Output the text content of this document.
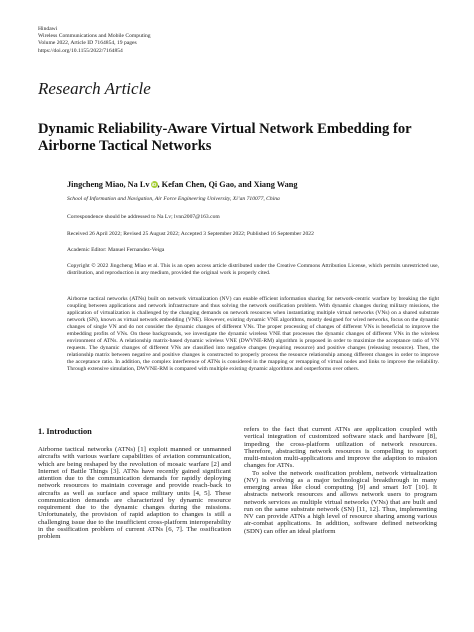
Hindawi
Wireless Communications and Mobile Computing
Volume 2022, Article ID 7164854, 19 pages
https://doi.org/10.1155/2022/7164854
Research Article
Dynamic Reliability-Aware Virtual Network Embedding for Airborne Tactical Networks
Jingcheng Miao, Na Lv iD, Kefan Chen, Qi Gao, and Xiang Wang
School of Information and Navigation, Air Force Engineering University, Xi’an 710077, China
Correspondence should be addressed to Na Lv; lvnn2007@163.com
Received 26 April 2022; Revised 25 August 2022; Accepted 3 September 2022; Published 16 September 2022
Academic Editor: Manuel Fernandez-Veiga
Copyright © 2022 Jingcheng Miao et al. This is an open access article distributed under the Creative Commons Attribution License, which permits unrestricted use, distribution, and reproduction in any medium, provided the original work is properly cited.
Airborne tactical networks (ATNs) built on network virtualization (NV) can enable efficient information sharing for network-centric warfare by breaking the tight coupling between applications and network infrastructure and thus solving the network ossification problem. With dynamic changes during military missions, the application of virtualization is challenged by the changing demands on network resources when instantiating multiple virtual networks (VNs) on a shared substrate network (SN), known as virtual network embedding (VNE). However, existing dynamic VNE algorithms, mostly designed for wired networks, focus on the dynamic changes of single VN and do not consider the dynamic changes of different VNs. The proper processing of changes of different VNs is beneficial to improve the embedding profits of VNs. On these backgrounds, we investigate the dynamic wireless VNE that processes the dynamic changes of different VNs in the wireless environment of ATNs. A relationship matrix-based dynamic wireless VNE (DWVNE-RM) algorithm is proposed in order to maximize the acceptance ratio of VN requests. The dynamic changes of different VNs are classified into negative changes (requiring resource) and positive changes (releasing resource). Then, the relationship matrix between negative and positive changes is constructed to properly process the resource relationship among different changes in order to improve the acceptance ratio. In addition, the complex interference of ATNs is considered in the mapping or remapping of virtual nodes and links to improve the reliability. Through extensive simulation, DWVNE-RM is compared with multiple existing dynamic algorithms and outperforms over others.
1. Introduction

Airborne tactical networks (ATNs) [1] exploit manned or unmanned aircrafts with various warfare capabilities of aviation communication, which are being reshaped by the revolution of mosaic warfare [2] and Internet of Battle Things [3]. ATNs have recently gained significant attention due to the communication demands for rapidly deploying network resources to maintain coverage and provide reach-back to aircrafts as well as surface and space military units [4, 5]. These communication demands are characterized by dynamic resource requirement due to the dynamic changes during the missions. Unfortunately, the provision of rapid adaption to changes is still a challenging issue due to the insufficient cross-platform interoperability in the ossification problem of current ATNs [6, 7]. The ossification problem

refers to the fact that current ATNs are application coupled with vertical integration of customized software stack and hardware [8], impeding the cross-platform utilization of network resources. Therefore, abstracting network resources is compelling to support multi-mission multi-applications and improve the adaption to mission changes for ATNs.

To solve the network ossification problem, network virtualization (NV) is evolving as a major technological breakthrough in many emerging areas like cloud computing [9] and smart IoT [10]. It abstracts network resources and allows network users to program network services as multiple virtual networks (VNs) that are built and run on the same substrate network (SN) [11, 12]. Thus, implementing NV can provide ATNs a high level of resource sharing among various air-combat applications. In addition, software defined networking (SDN) can offer an ideal platform
